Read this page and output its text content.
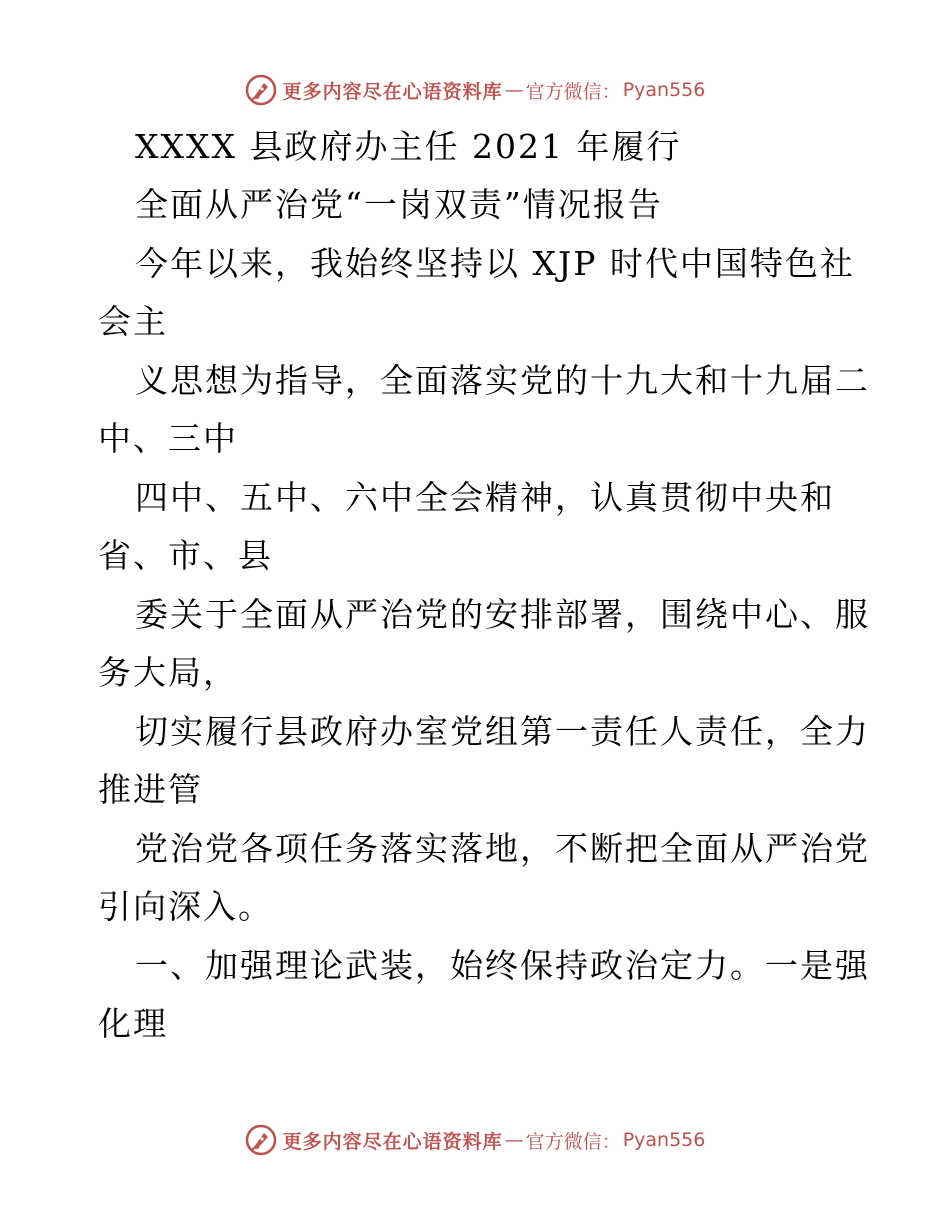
更多内容尽在心语资料库 — 官方微信： Pyan556
XXXX 县政府办主任 2021 年履行
全面从严治党“一岗双责”情况报告
今年以来，我始终坚持以 XJP 时代中国特色社
会主
义思想为指导，全面落实党的十九大和十九届二
中、三中
四中、五中、六中全会精神，认真贯彻中央和
省、市、县
委关于全面从严治党的安排部署，围绕中心、服
务大局，
切实履行县政府办室党组第一责任人责任，全力
推进管
党治党各项任务落实落地，不断把全面从严治党
引向深入。
一、加强理论武装，始终保持政治定力。一是强
化理
更多内容尽在心语资料库 — 官方微信： Pyan556
